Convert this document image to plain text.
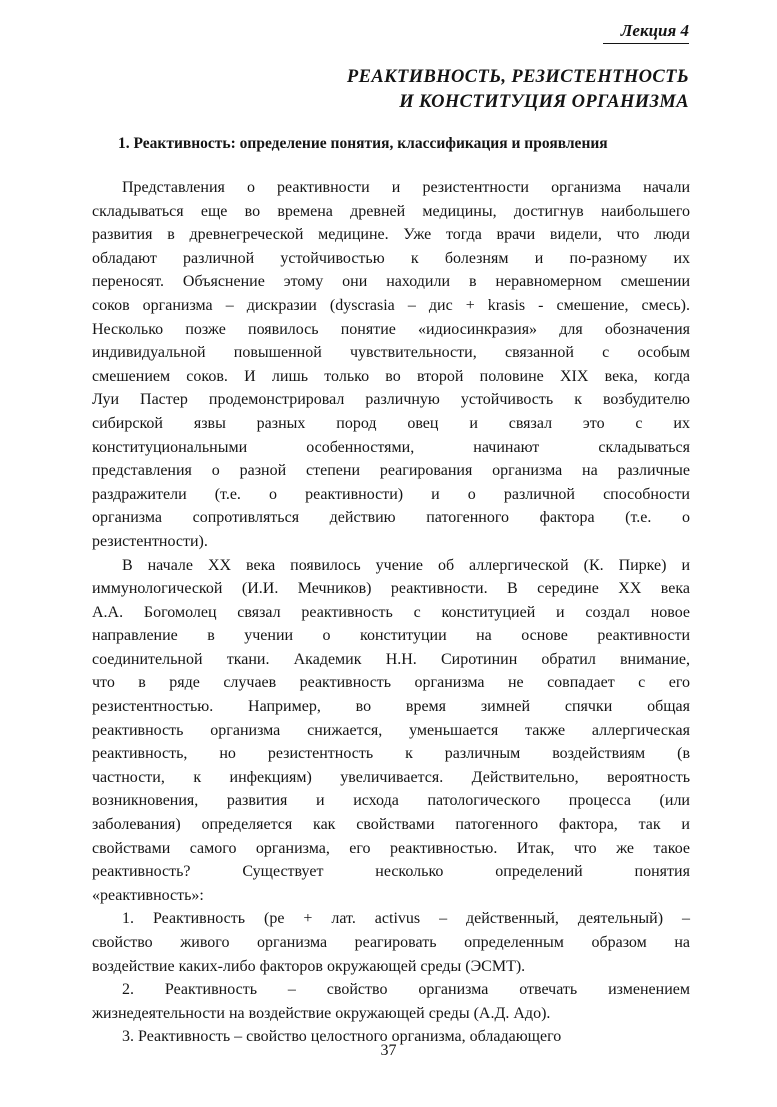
Лекция 4
РЕАКТИВНОСТЬ, РЕЗИСТЕНТНОСТЬ
И КОНСТИТУЦИЯ ОРГАНИЗМА
1. Реактивность: определение понятия, классификация и проявления

Представления о реактивности и резистентности организма начали
складываться еще во времена древней медицины, достигнув наибольшего
развития в древнегреческой медицине. Уже тогда врачи видели, что люди
обладают различной устойчивостью к болезням и по-разному их
переносят. Объяснение этому они находили в неравномерном смешении
соков организма – дискразии (dyscrasia – дис + krasis - смешение, смесь).
Несколько позже появилось понятие «идиосинкразия» для обозначения
индивидуальной повышенной чувствительности, связанной с особым
смешением соков. И лишь только во второй половине XIX века, когда
Луи Пастер продемонстрировал различную устойчивость к возбудителю
сибирской язвы разных пород овец и связал это с их
конституциональными особенностями, начинают складываться
представления о разной степени реагирования организма на различные
раздражители (т.е. о реактивности) и о различной способности
организма сопротивляться действию патогенного фактора (т.е. о
резистентности).

В начале XX века появилось учение об аллергической (К. Пирке) и
иммунологической (И.И. Мечников) реактивности. В середине XX века
А.А. Богомолец связал реактивность с конституцией и создал новое
направление в учении о конституции на основе реактивности
соединительной ткани. Академик Н.Н. Сиротинин обратил внимание,
что в ряде случаев реактивность организма не совпадает с его
резистентностью. Например, во время зимней спячки общая
реактивность организма снижается, уменьшается также аллергическая
реактивность, но резистентность к различным воздействиям (в
частности, к инфекциям) увеличивается. Действительно, вероятность
возникновения, развития и исхода патологического процесса (или
заболевания) определяется как свойствами патогенного фактора, так и
свойствами самого организма, его реактивностью. Итак, что же такое
реактивность?	Существует	несколько	определений	понятия
«реактивность»:

1. Реактивность (ре + лат. activus – действенный, деятельный) –
свойство живого организма реагировать определенным образом на
воздействие каких-либо факторов окружающей среды (ЭСМТ).

2. Реактивность – свойство организма отвечать изменением
жизнедеятельности на воздействие окружающей среды (А.Д. Адо).

3. Реактивность – свойство целостного организма, обладающего

37
